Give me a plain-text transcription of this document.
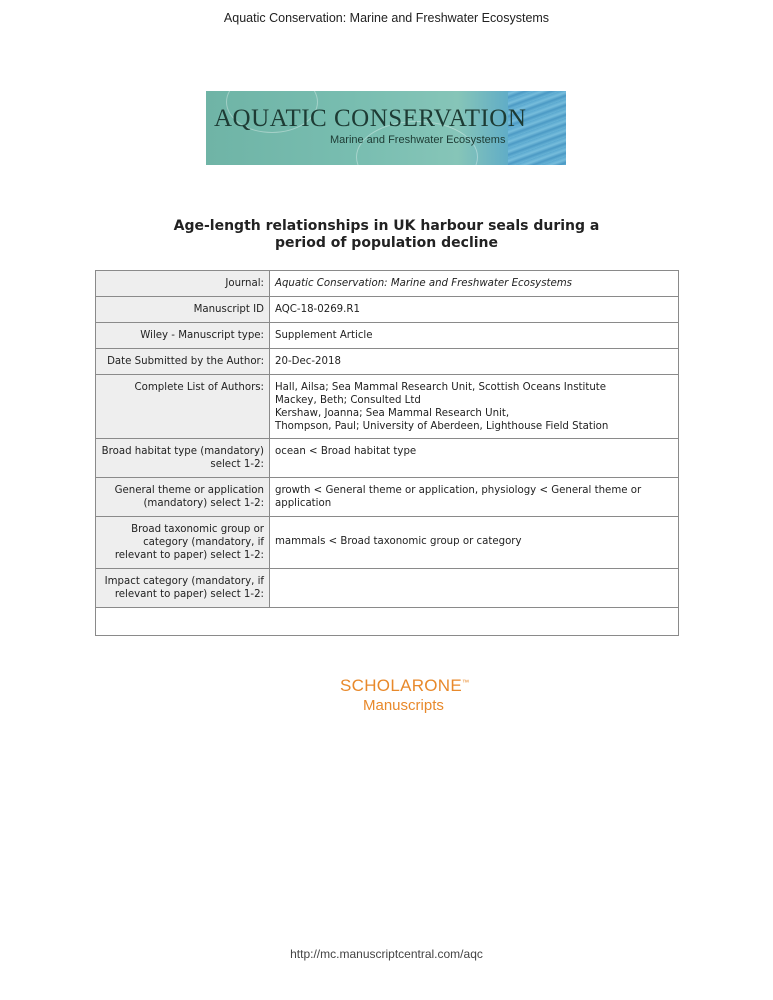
Aquatic Conservation: Marine and Freshwater Ecosystems
AQUATIC CONSERVATION
Marine and Freshwater Ecosystems
Age-length relationships in UK harbour seals during a
period of population decline
Journal:	Aquatic Conservation: Marine and Freshwater Ecosystems
Manuscript ID	AQC-18-0269.R1
Wiley - Manuscript type:	Supplement Article
Date Submitted by the Author:	20-Dec-2018
Complete List of Authors:	Hall, Ailsa; Sea Mammal Research Unit, Scottish Oceans Institute
Mackey, Beth; Consulted Ltd
Kershaw, Joanna; Sea Mammal Research Unit,
Thompson, Paul; University of Aberdeen, Lighthouse Field Station

Broad habitat type (mandatory) select 1-2:	ocean < Broad habitat type
General theme or application (mandatory) select 1-2:	growth < General theme or application, physiology < General theme or application
Broad taxonomic group or category (mandatory, if relevant to paper) select 1-2:	mammals < Broad taxonomic group or category
Impact category (mandatory, if relevant to paper) select 1-2:	

SCHOLARONE™
Manuscripts
http://mc.manuscriptcentral.com/aqc
